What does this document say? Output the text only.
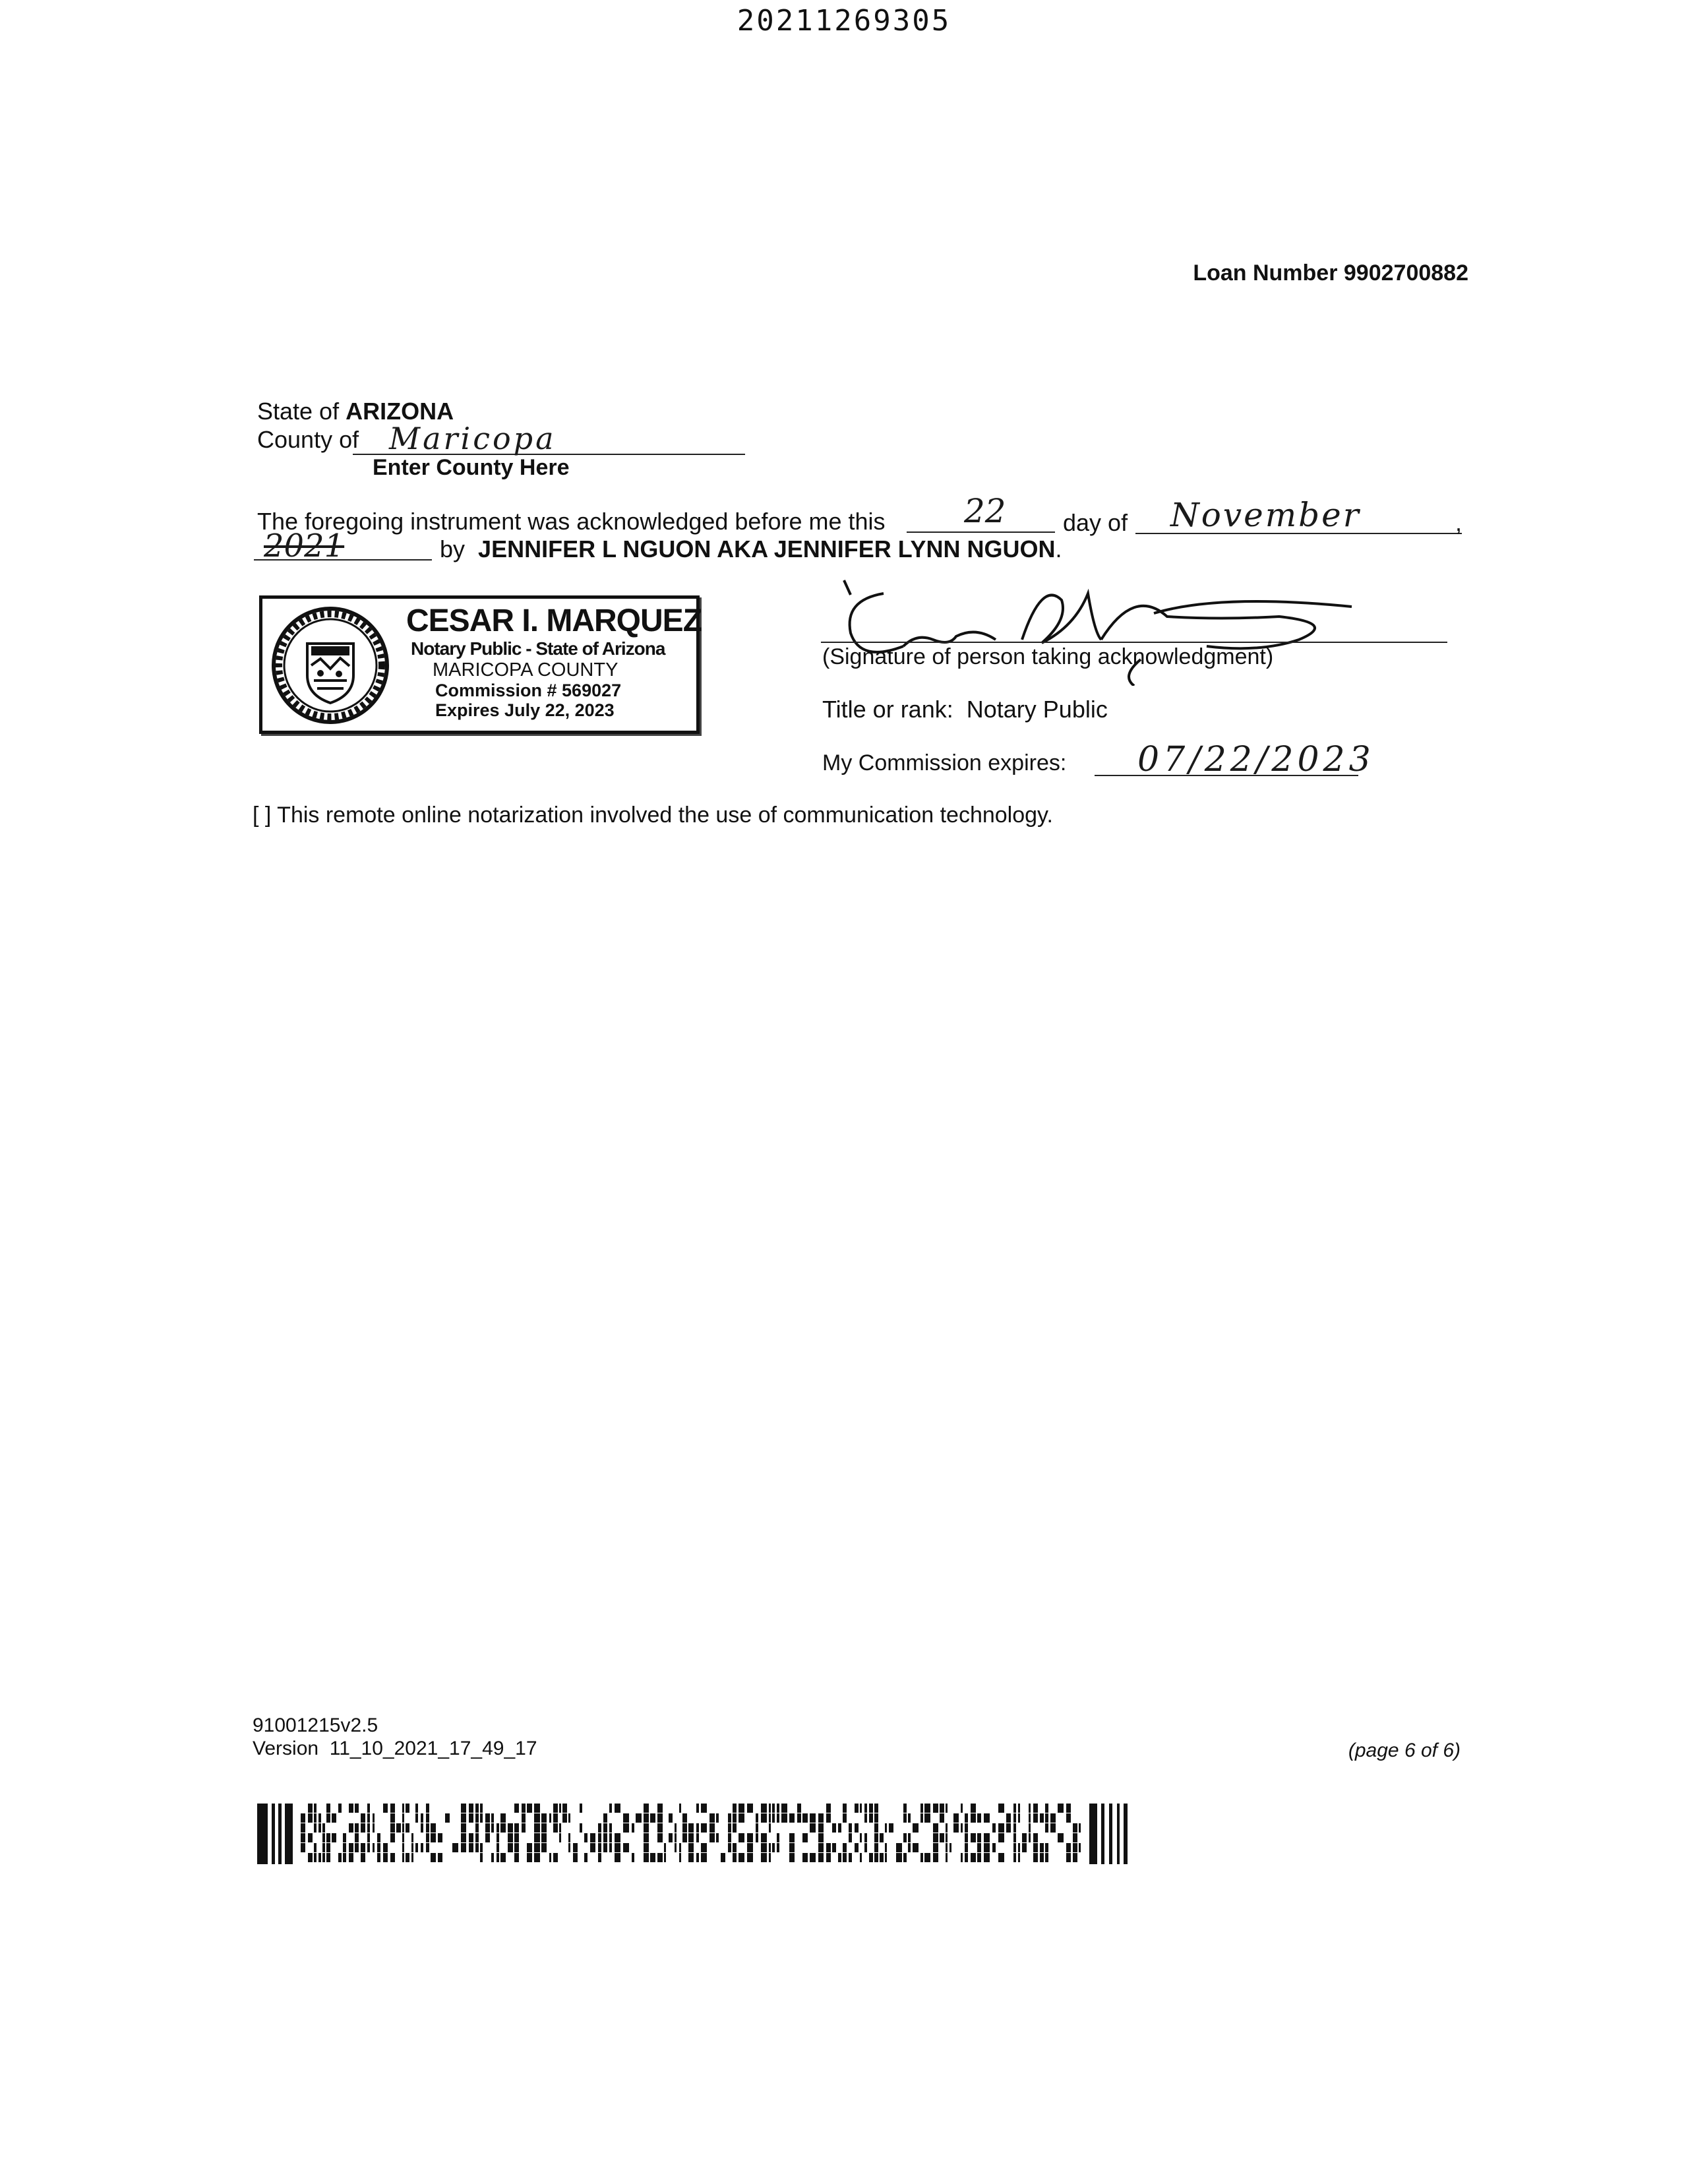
20211269305
Loan Number 9902700882
State of ARIZONA
County of Maricopa
Enter County Here
The foregoing instrument was acknowledged before me this 22 day of November	,
2021	by JENNIFER L NGUON AKA JENNIFER LYNN NGUON.
CESAR I. MARQUEZ
Notary Public - State of Arizona
MARICOPA COUNTY
Commission # 569027
Expires July 22, 2023
(Signature of person taking acknowledgment)
Title or rank: Notary Public
My Commission expires: 07/22/2023
[ ] This remote online notarization involved the use of communication technology.
91001215v2.5
Version  11_10_2021_17_49_17	(page 6 of 6)
